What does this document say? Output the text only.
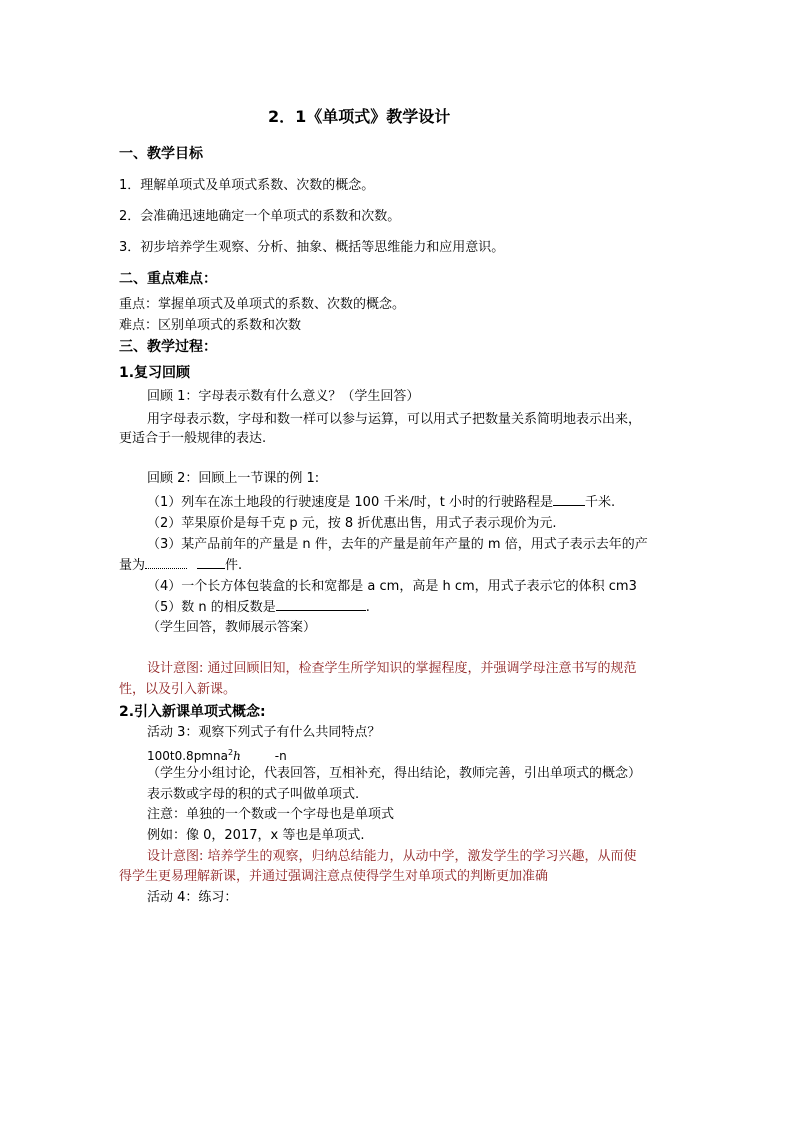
2．1《单项式》教学设计
一、教学目标
1．理解单项式及单项式系数、次数的概念。
2．会准确迅速地确定一个单项式的系数和次数。
3．初步培养学生观察、分析、抽象、概括等思维能力和应用意识。
二、重点难点：
重点：掌握单项式及单项式的系数、次数的概念。
难点：区别单项式的系数和次数
三、教学过程：
1.复习回顾
回顾 1：字母表示数有什么意义？（学生回答）
用字母表示数，字母和数一样可以参与运算，可以用式子把数量关系简明地表示出来，
更适合于一般规律的表达.
回顾 2：回顾上一节课的例 1:
（1）列车在冻土地段的行驶速度是 100 千米/时，t 小时的行驶路程是 千米.
（2）苹果原价是每千克 p 元，按 8 折优惠出售，用式子表示现价为元.
（3）某产品前年的产量是 n 件，去年的产量是前年产量的 m 倍，用式子表示去年的产
量为	件.
（4）一个长方体包装盒的长和宽都是 a cm，高是 h cm，用式子表示它的体积 cm3
（5）数 n 的相反数是	.
（学生回答，教师展示答案）
设计意图: 通过回顾旧知，检查学生所学知识的掌握程度，并强调学母注意书写的规范
性，以及引入新课。
2.引入新课单项式概念:
活动 3：观察下列式子有什么共同特点？
100t0.8pmna$^2$h	-n
（学生分小组讨论，代表回答，互相补充，得出结论，教师完善，引出单项式的概念）
表示数或字母的积的式子叫做单项式.
注意：单独的一个数或一个字母也是单项式
例如：像 0，2017，x 等也是单项式.
设计意图: 培养学生的观察，归纳总结能力，从动中学，激发学生的学习兴趣，从而使
得学生更易理解新课，并通过强调注意点使得学生对单项式的判断更加准确
活动 4：练习：
